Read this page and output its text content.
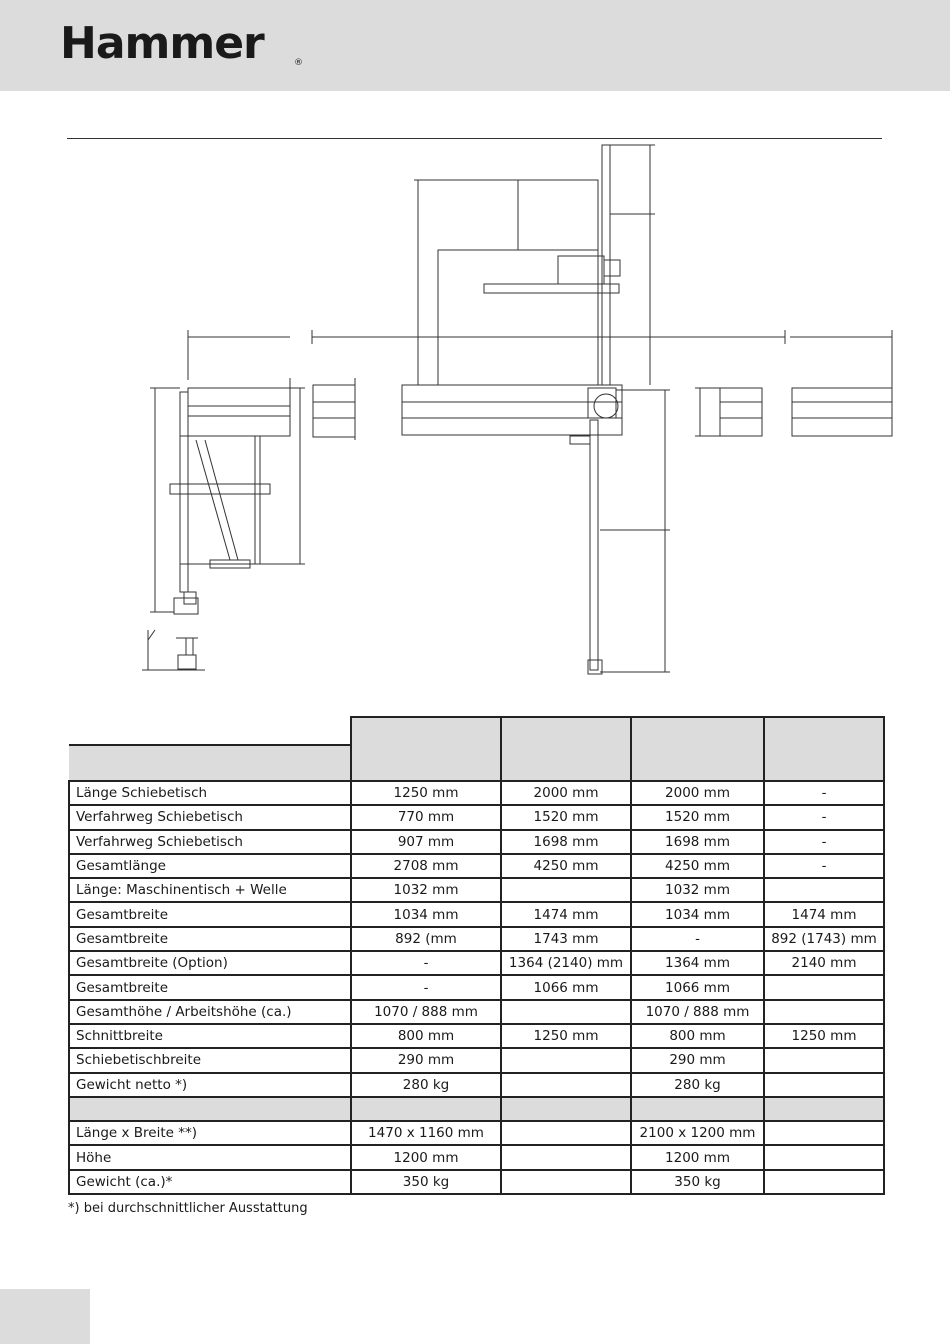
Hammer	®

Länge Schiebetisch	1250 mm	2000 mm	2000 mm	-
Verfahrweg Schiebetisch	770 mm	1520 mm	1520 mm	-
Verfahrweg Schiebetisch	907 mm	1698 mm	1698 mm	-
Gesamtlänge	2708 mm	4250 mm	4250 mm	-
Länge: Maschinentisch + Welle	1032 mm		1032 mm	
Gesamtbreite	1034 mm	1474 mm	1034 mm	1474 mm
Gesamtbreite	892 (mm	1743 mm	-	892 (1743) mm
Gesamtbreite (Option)	-	1364 (2140) mm	1364 mm	2140 mm
Gesamtbreite	-	1066 mm	1066 mm	
Gesamthöhe / Arbeitshöhe (ca.)	1070 / 888 mm		1070 / 888 mm	
Schnittbreite	800 mm	1250 mm	800 mm	1250 mm
Schiebetischbreite	290 mm		290 mm	
Gewicht netto *)	280 kg		280 kg	

Länge x Breite **)	1470 x 1160 mm		2100 x 1200 mm	
Höhe	1200 mm		1200 mm	
Gewicht (ca.)*	350 kg		350 kg	
*) bei durchschnittlicher Ausstattung
